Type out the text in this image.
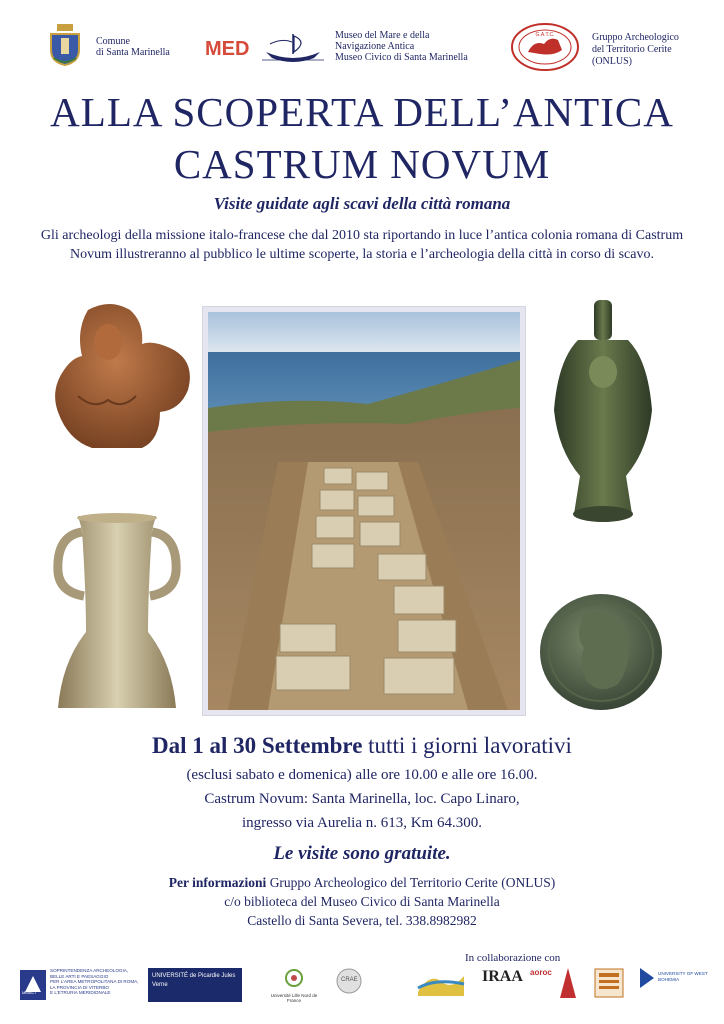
Comune
di Santa Marinella MED
Museo del Mare e della
Navigazione Antica
Museo Civico di Santa Marinella
G.A.T.C.	Gruppo Archeologico
del Territorio Cerite
(ONLUS)
ALLA SCOPERTA DELL’ANTICA
CASTRUM NOVUM
Visite guidate agli scavi della città romana
Gli archeologi della missione italo-francese che dal 2010 sta riportando in luce l’antica colonia romana di Castrum Novum illustreranno al pubblico le ultime scoperte, la storia e l’archeologia della città in corso di scavo.
Dal 1 al 30 Settembre tutti i giorni lavorativi
(esclusi sabato e domenica) alle ore 10.00 e alle ore 16.00.
Castrum Novum: Santa Marinella, loc. Capo Linaro,
ingresso via Aurelia n. 613, Km 64.300.
Le visite sono gratuite.
Per informazioni Gruppo Archeologico del Territorio Cerite (ONLUS)
c/o biblioteca del Museo Civico di Santa Marinella
Castello di Santa Severa, tel. 338.8982982
In collaborazione con
MiBACT
SOPRINTENDENZA ARCHEOLOGIA,
BELLE ARTI E PAESAGGIO
PER L’AREA METROPOLITANA DI ROMA,
LA PROVINCIA DI VITERBO
E L’ETRURIA MERIDIONALE
UNIVERSITÉ de Picardie Jules Verne
Université Lille Nord de France
CRAE	IRAA aoroc	UNIVERSITY OF WEST BOHEMIA
